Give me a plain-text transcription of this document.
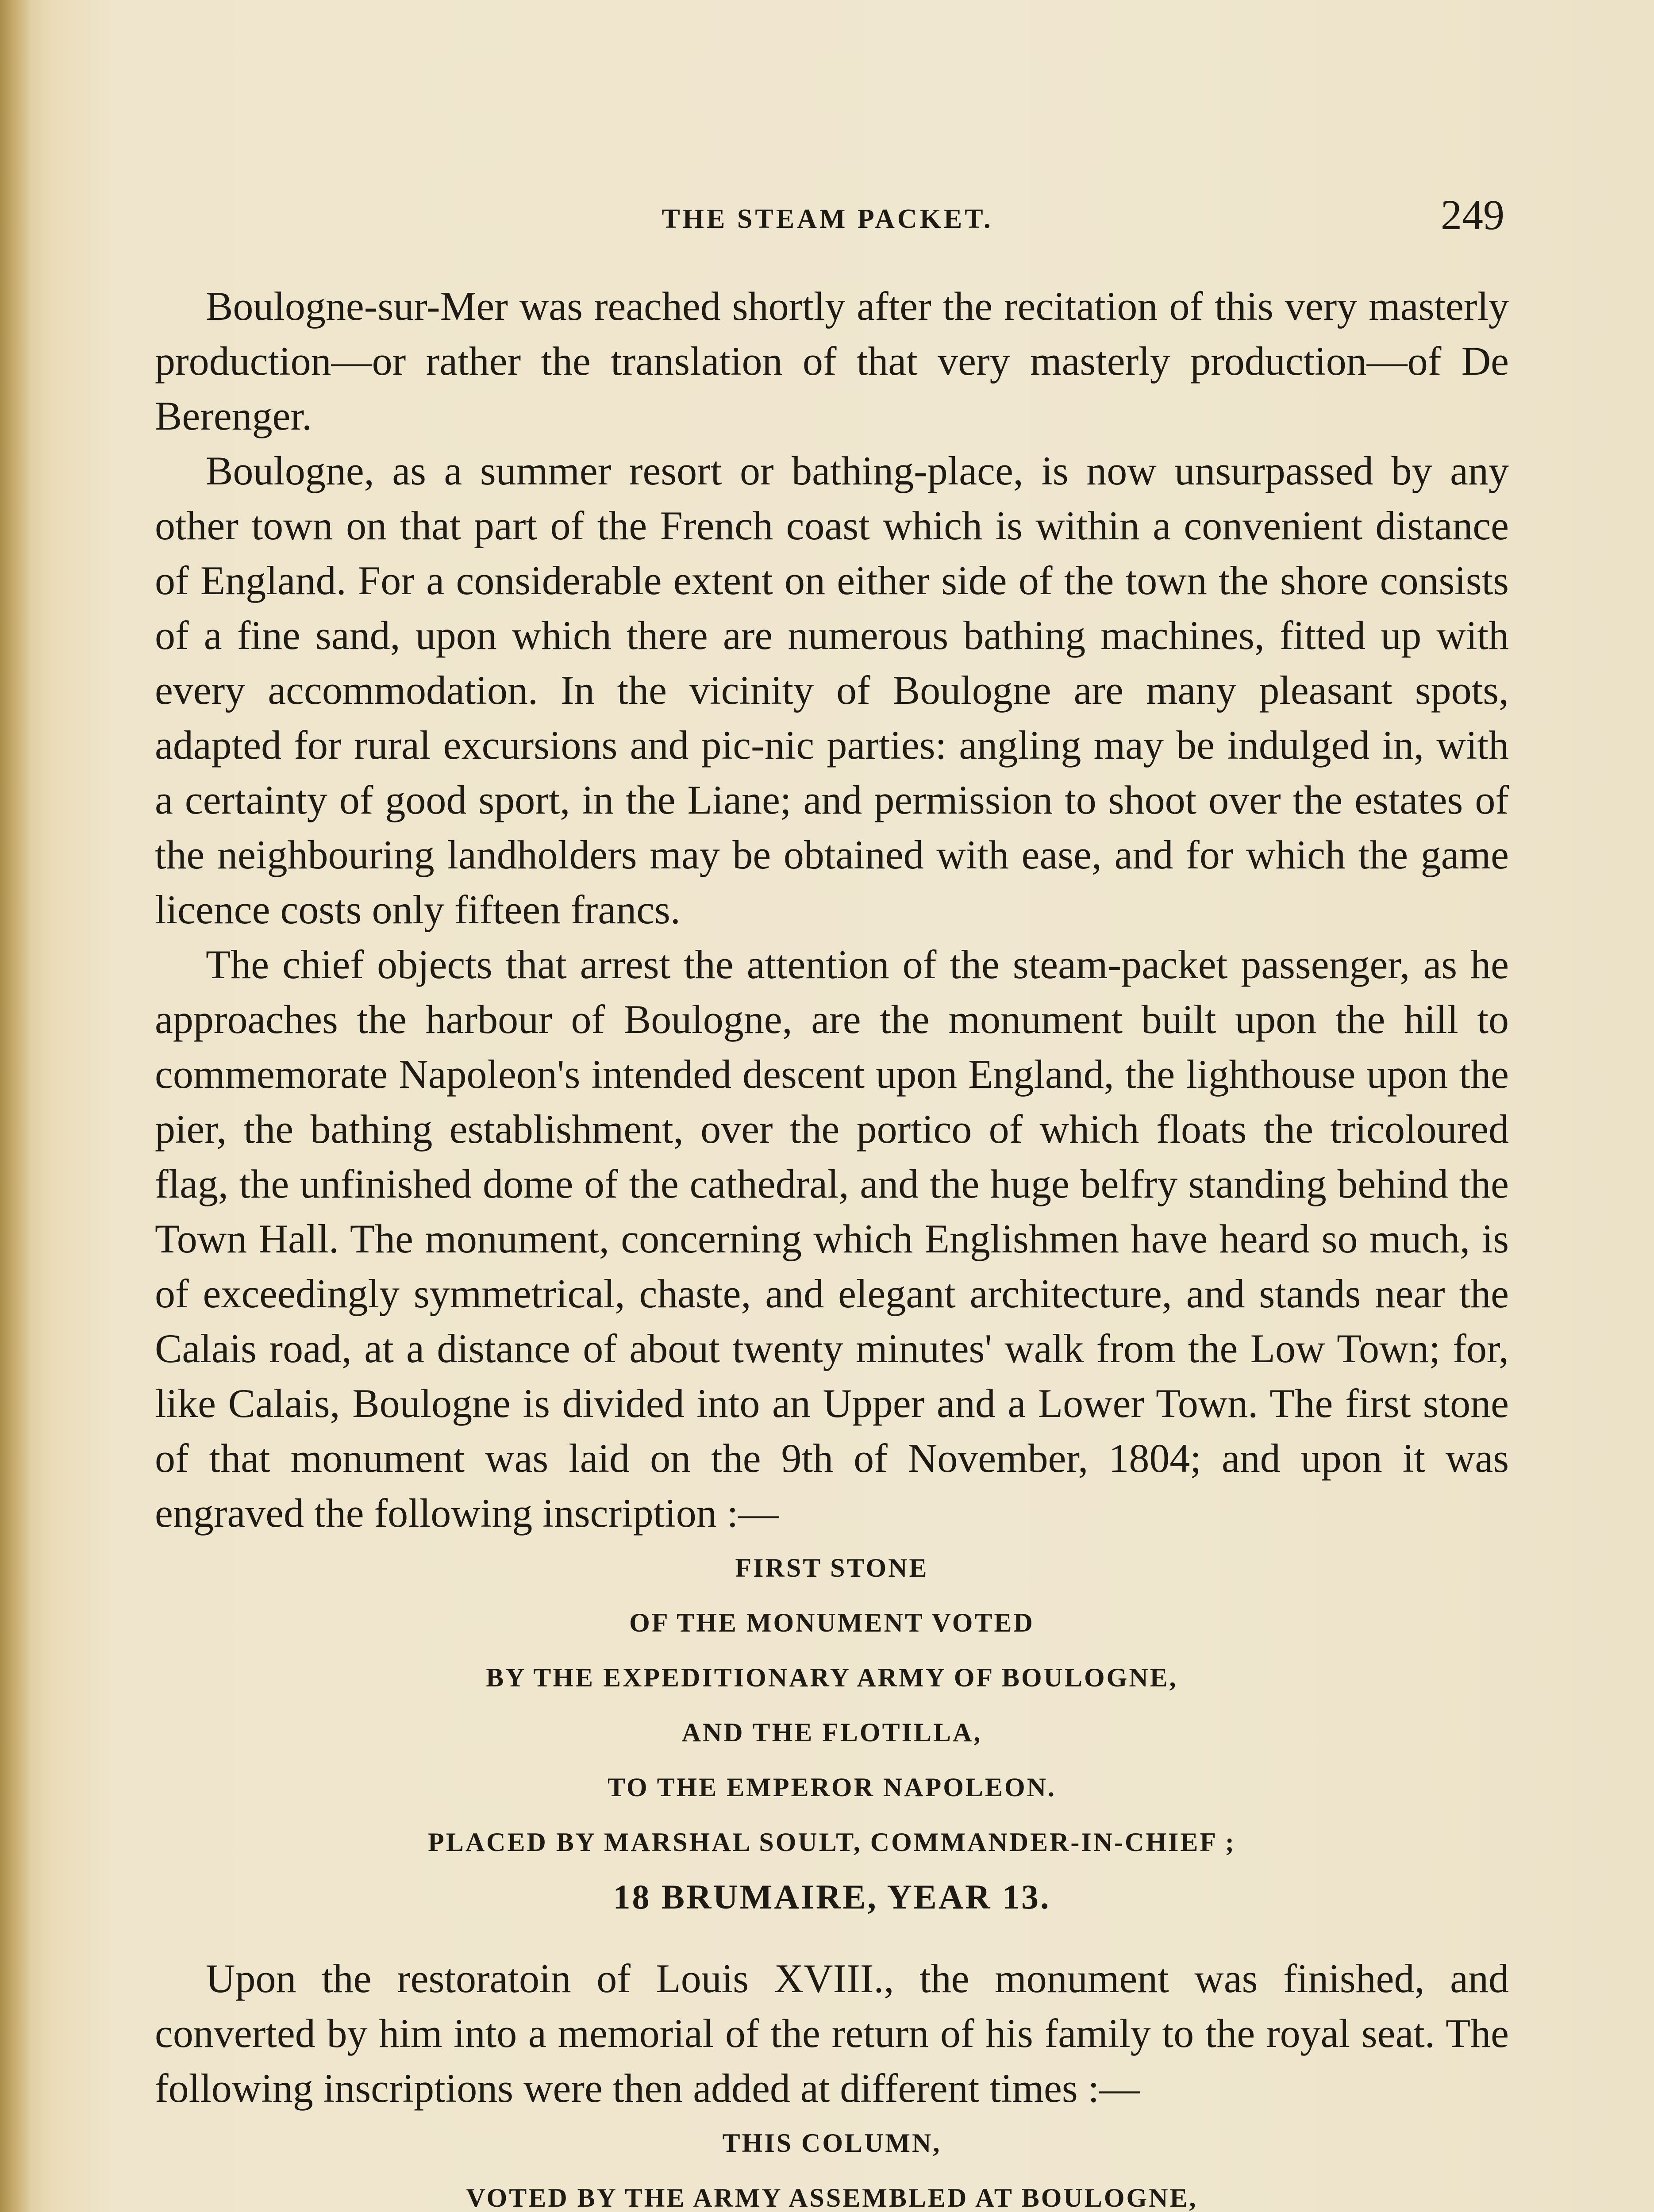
THE STEAM PACKET.	249

Boulogne-sur-Mer was reached shortly after the recitation of this very masterly production—or rather the translation of that very masterly production—of De Berenger.

Boulogne, as a summer resort or bathing-place, is now unsurpassed by any other town on that part of the French coast which is within a convenient distance of England. For a considerable extent on either side of the town the shore consists of a fine sand, upon which there are numerous bathing machines, fitted up with every accommodation. In the vicinity of Boulogne are many pleasant spots, adapted for rural excursions and pic-nic parties: angling may be indulged in, with a certainty of good sport, in the Liane; and permission to shoot over the estates of the neighbouring landholders may be obtained with ease, and for which the game licence costs only fifteen francs.

The chief objects that arrest the attention of the steam-packet passenger, as he approaches the harbour of Boulogne, are the monument built upon the hill to commemorate Napoleon's intended descent upon England, the lighthouse upon the pier, the bathing establishment, over the portico of which floats the tricoloured flag, the unfinished dome of the cathedral, and the huge belfry standing behind the Town Hall. The monument, concerning which Englishmen have heard so much, is of exceedingly symmetrical, chaste, and elegant architecture, and stands near the Calais road, at a distance of about twenty minutes' walk from the Low Town; for, like Calais, Boulogne is divided into an Upper and a Lower Town. The first stone of that monument was laid on the 9th of November, 1804; and upon it was engraved the following inscription :—

FIRST STONE
OF THE MONUMENT VOTED
BY THE EXPEDITIONARY ARMY OF BOULOGNE,
AND THE FLOTILLA,
TO THE EMPEROR NAPOLEON.
PLACED BY MARSHAL SOULT, COMMANDER-IN-CHIEF ;
18 BRUMAIRE, YEAR 13.

Upon the restoratoin of Louis XVIII., the monument was finished, and converted by him into a memorial of the return of his family to the royal seat. The following inscriptions were then added at different times :—

THIS COLUMN,
VOTED BY THE ARMY ASSEMBLED AT BOULOGNE,
